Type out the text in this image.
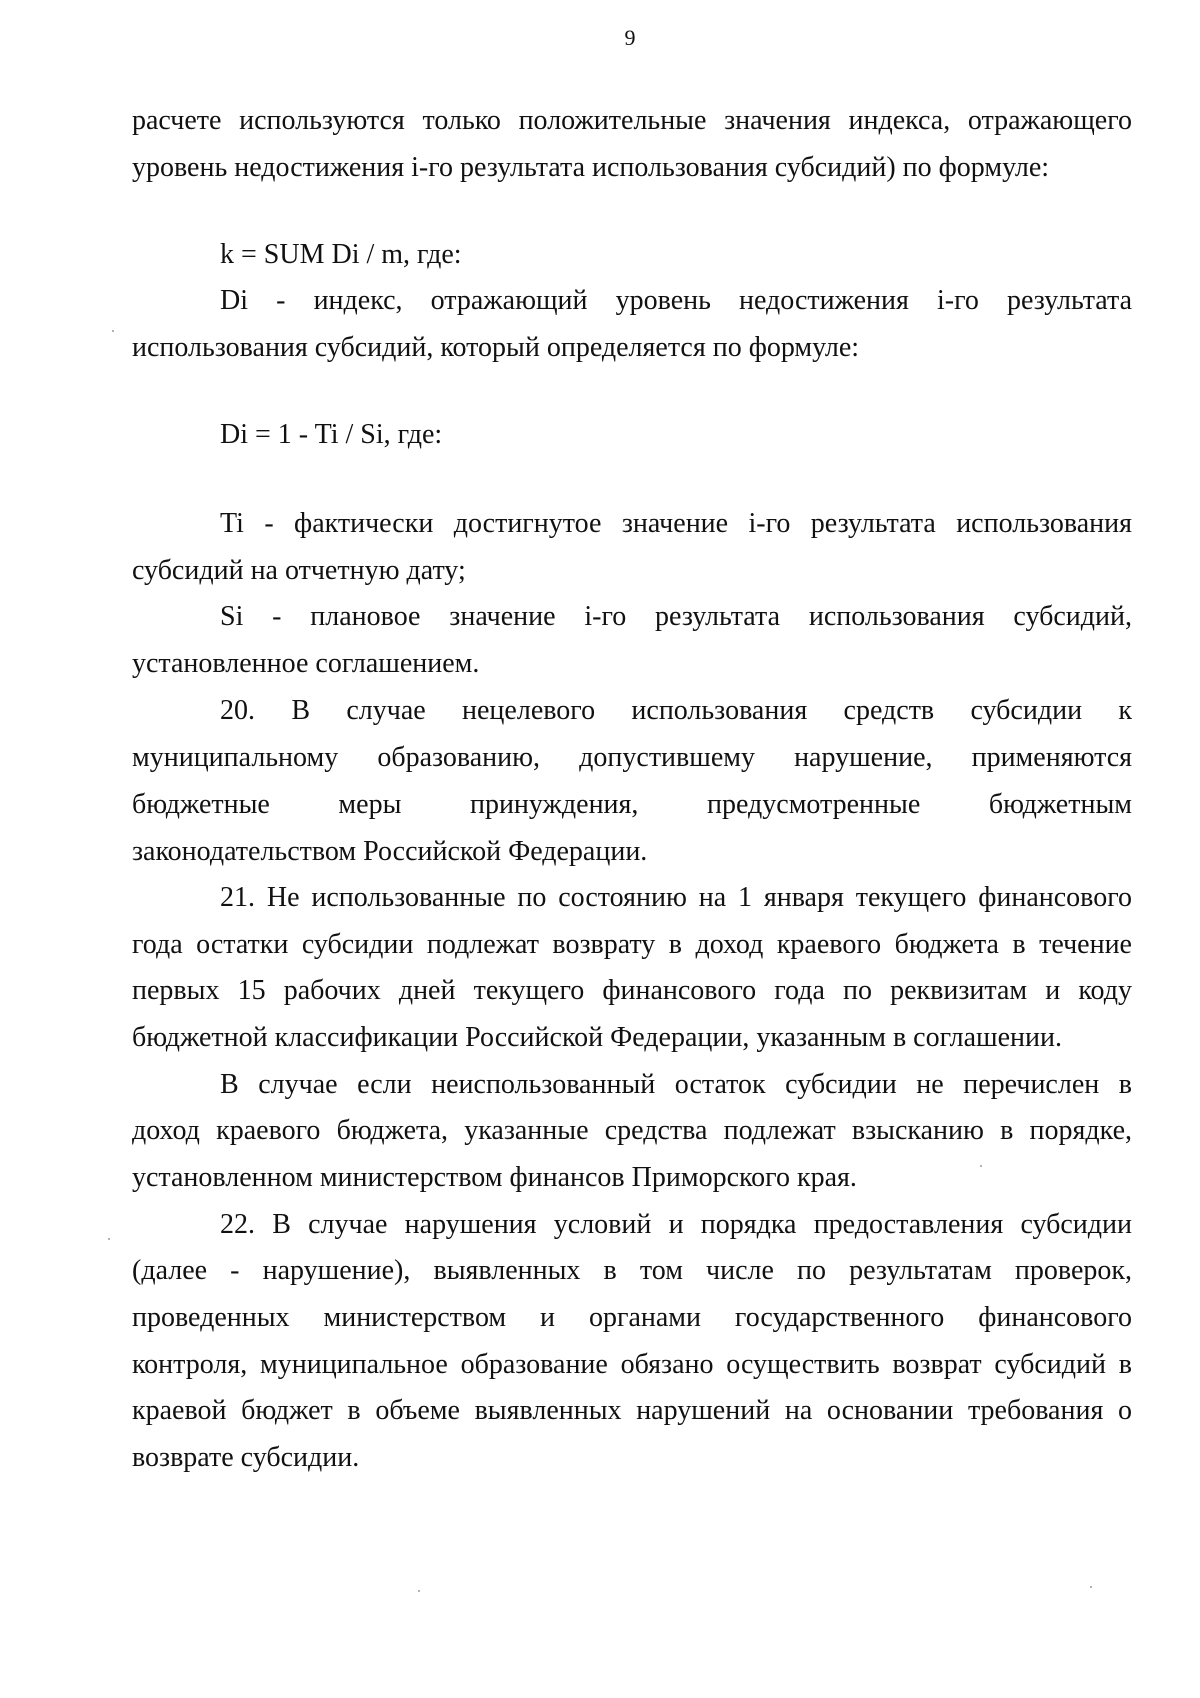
9
расчете используются только положительные значения индекса, отражающего
уровень недостижения i-го результата использования субсидий) по формуле:
k = SUM Di / m, где:
Di - индекс, отражающий уровень недостижения i-го результата
использования субсидий, который определяется по формуле:
Di = 1 - Ti / Si, где:
Ti - фактически достигнутое значение i-го результата использования
субсидий на отчетную дату;
Si - плановое значение i-го результата использования субсидий,
установленное соглашением.
20. В случае нецелевого использования средств субсидии к
муниципальному образованию, допустившему нарушение, применяются
бюджетные меры принуждения, предусмотренные бюджетным
законодательством Российской Федерации.
21. Не использованные по состоянию на 1 января текущего финансового
года остатки субсидии подлежат возврату в доход краевого бюджета в течение
первых 15 рабочих дней текущего финансового года по реквизитам и коду
бюджетной классификации Российской Федерации, указанным в соглашении.
В случае если неиспользованный остаток субсидии не перечислен в
доход краевого бюджета, указанные средства подлежат взысканию в порядке,
установленном министерством финансов Приморского края.
22. В случае нарушения условий и порядка предоставления субсидии
(далее - нарушение), выявленных в том числе по результатам проверок,
проведенных министерством и органами государственного финансового
контроля, муниципальное образование обязано осуществить возврат субсидий в
краевой бюджет в объеме выявленных нарушений на основании требования о
возврате субсидии.
